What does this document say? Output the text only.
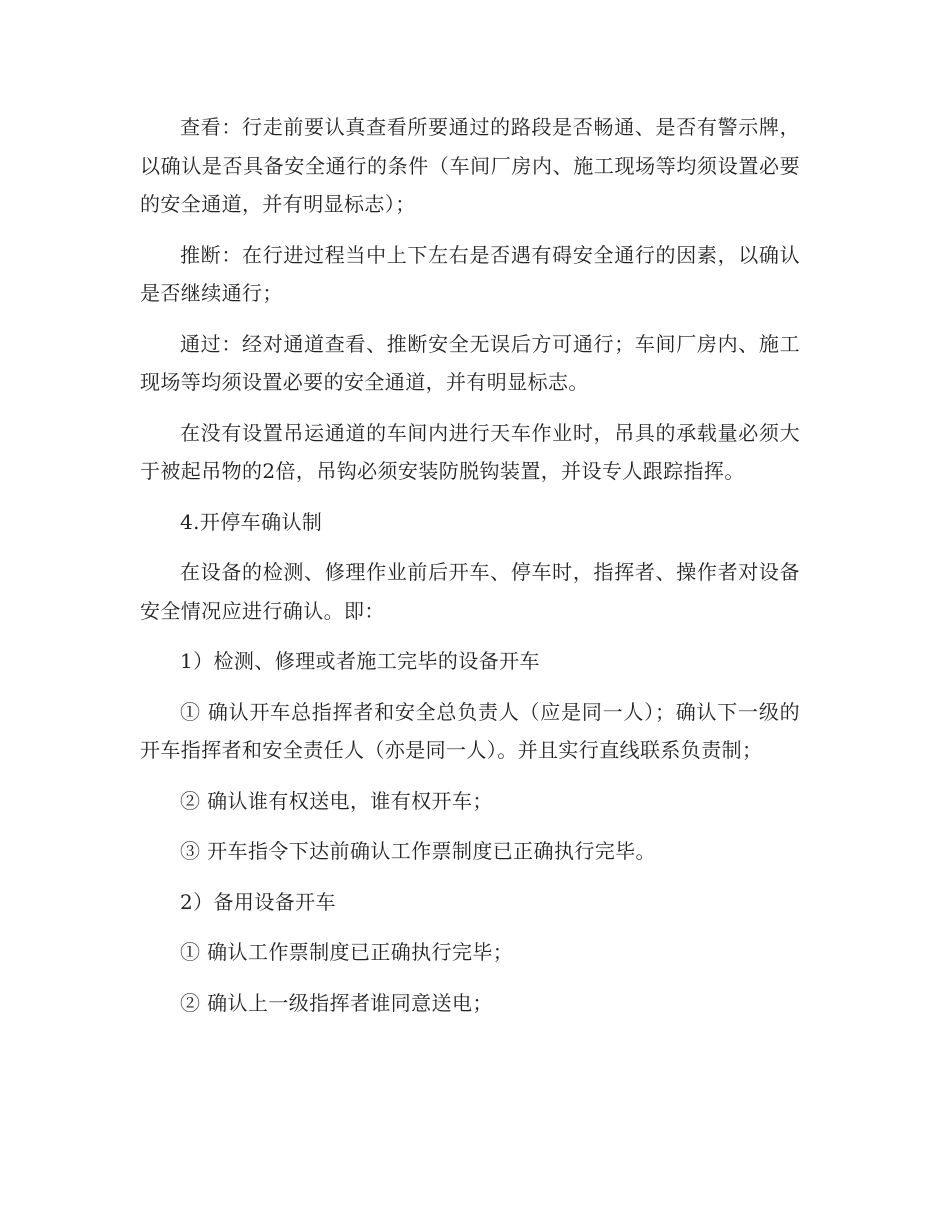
查看：行走前要认真查看所要通过的路段是否畅通、是否有警示牌，以确认是否具备安全通行的条件（车间厂房内、施工现场等均须设置必要的安全通道，并有明显标志）；

推断：在行进过程当中上下左右是否遇有碍安全通行的因素，以确认是否继续通行；

通过：经对通道查看、推断安全无误后方可通行；车间厂房内、施工现场等均须设置必要的安全通道，并有明显标志。

在没有设置吊运通道的车间内进行天车作业时，吊具的承载量必须大于被起吊物的2倍，吊钩必须安装防脱钩装置，并设专人跟踪指挥。

4.开停车确认制

在设备的检测、修理作业前后开车、停车时，指挥者、操作者对设备安全情况应进行确认。即：

1）检测、修理或者施工完毕的设备开车

① 确认开车总指挥者和安全总负责人（应是同一人）；确认下一级的开车指挥者和安全责任人（亦是同一人）。并且实行直线联系负责制；

② 确认谁有权送电，谁有权开车；

③ 开车指令下达前确认工作票制度已正确执行完毕。

2）备用设备开车

① 确认工作票制度已正确执行完毕；

② 确认上一级指挥者谁同意送电；
